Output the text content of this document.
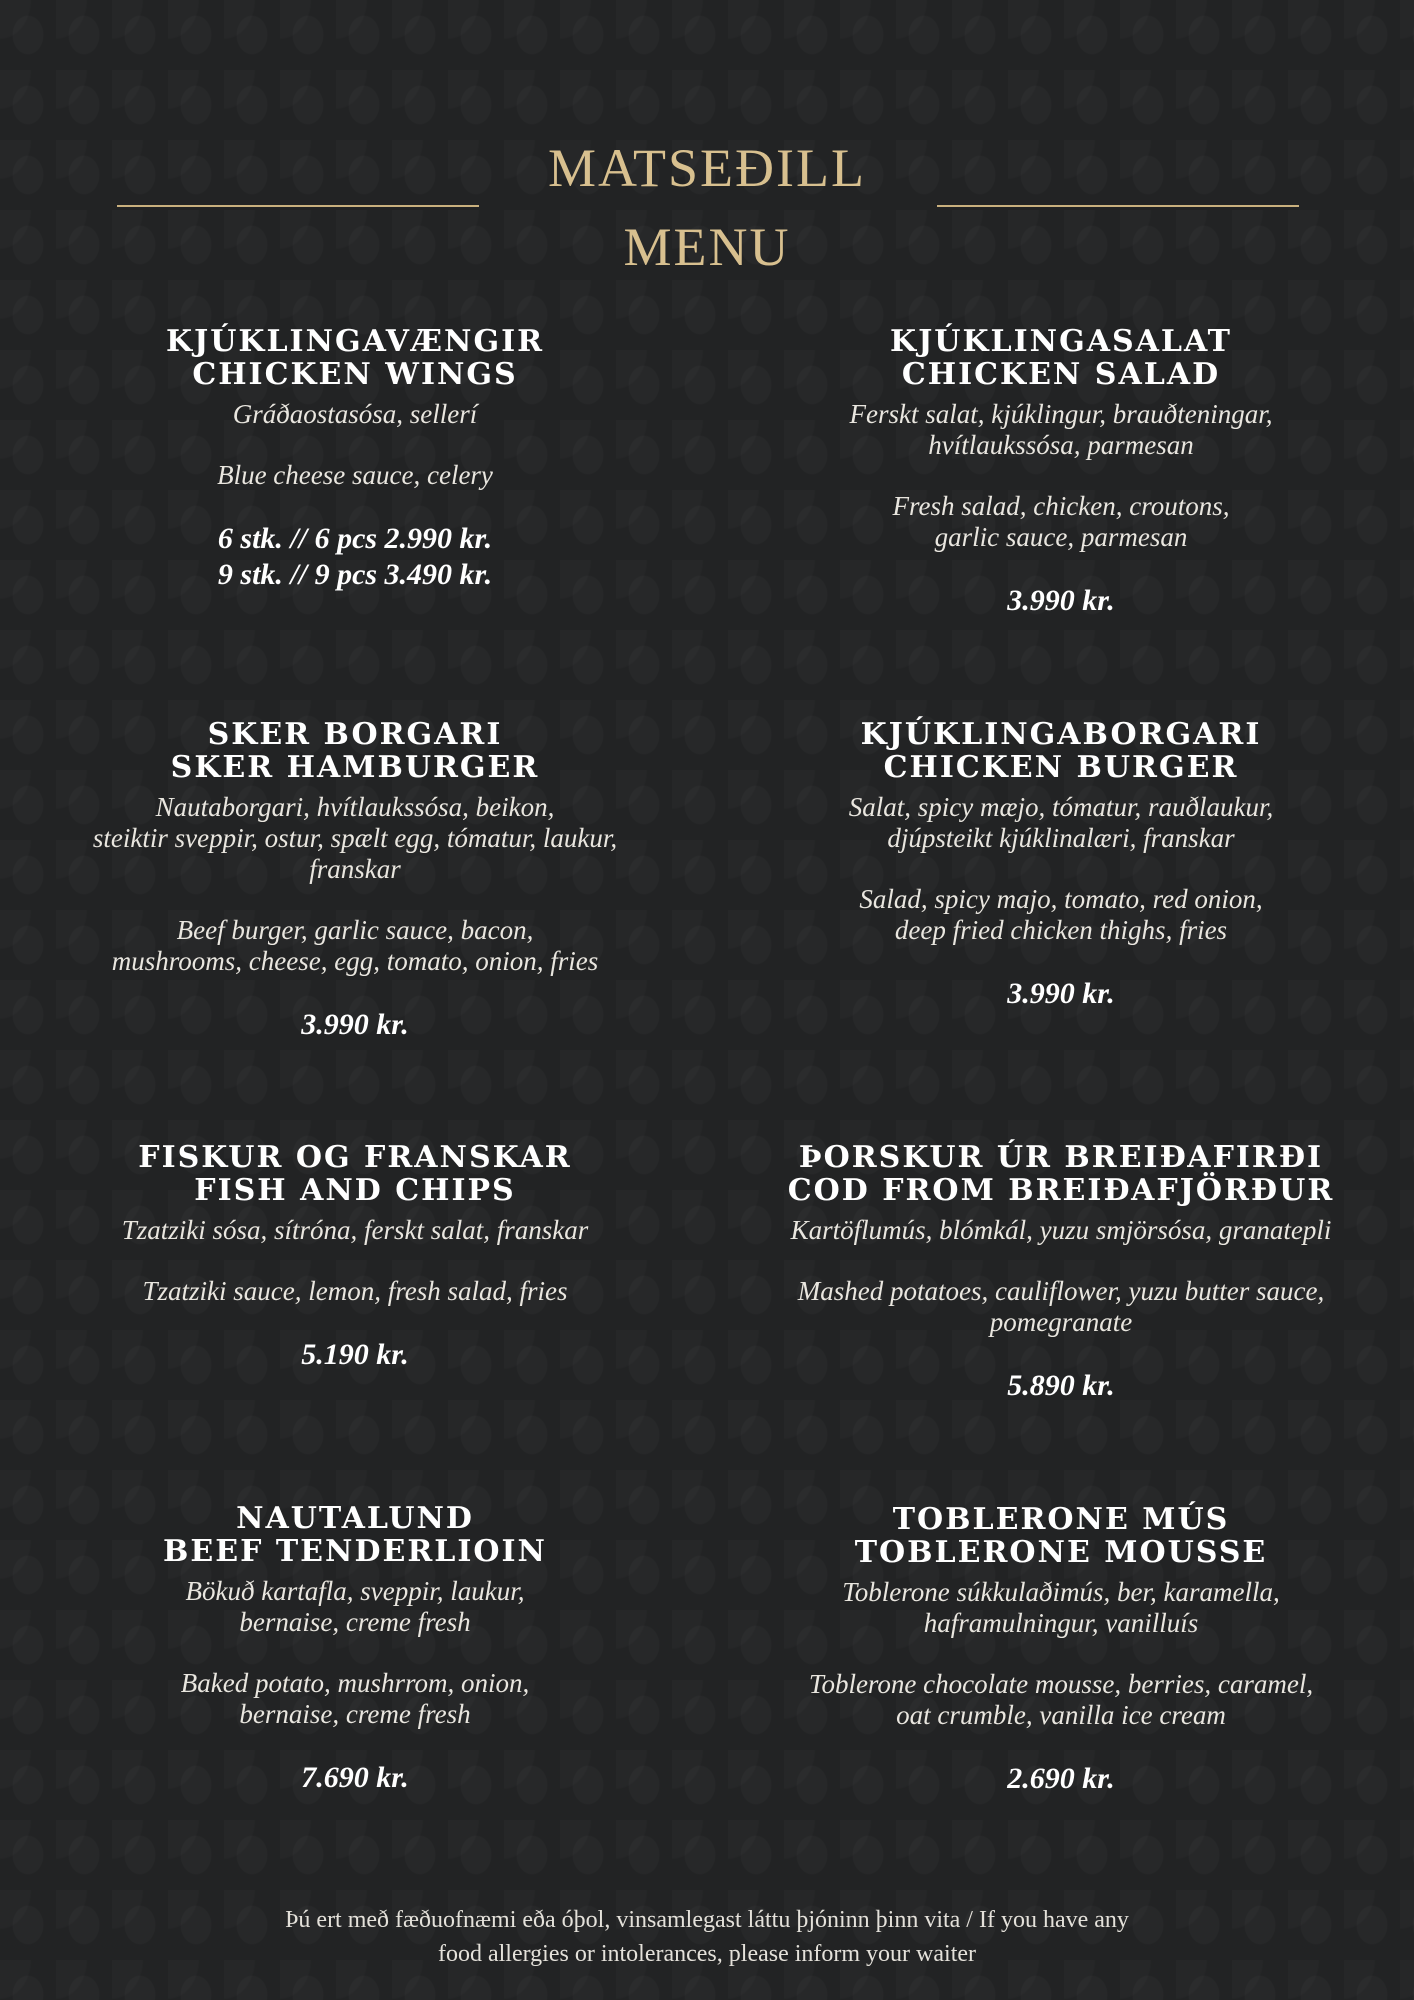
MATSEÐILL
MENU
KJÚKLINGAVÆNGIR
CHICKEN WINGS

Gráðaostasósa, sellerí

Blue cheese sauce, celery

6 stk. // 6 pcs 2.990 kr.
9 stk. // 9 pcs 3.490 kr.
KJÚKLINGASALAT
CHICKEN SALAD

Ferskt salat, kjúklingur, brauðteningar,
hvítlaukssósa, parmesan

Fresh salad, chicken, croutons,
garlic sauce, parmesan

3.990 kr.
SKER BORGARI
SKER HAMBURGER

Nautaborgari, hvítlaukssósa, beikon,
steiktir sveppir, ostur, spælt egg, tómatur, laukur,
franskar

Beef burger, garlic sauce, bacon,
mushrooms, cheese, egg, tomato, onion, fries

3.990 kr.
KJÚKLINGABORGARI
CHICKEN BURGER

Salat, spicy mæjo, tómatur, rauðlaukur,
djúpsteikt kjúklinalæri, franskar

Salad, spicy majo, tomato, red onion,
deep fried chicken thighs, fries

3.990 kr.
FISKUR OG FRANSKAR
FISH AND CHIPS

Tzatziki sósa, sítróna, ferskt salat, franskar

Tzatziki sauce, lemon, fresh salad, fries

5.190 kr.
ÞORSKUR ÚR BREIÐAFIRÐI
COD FROM BREIÐAFJÖRÐUR

Kartöflumús, blómkál, yuzu smjörsósa, granatepli

Mashed potatoes, cauliflower, yuzu butter sauce,
pomegranate

5.890 kr.
NAUTALUND
BEEF TENDERLIOIN

Bökuð kartafla, sveppir, laukur,
bernaise, creme fresh

Baked potato, mushrrom, onion,
bernaise, creme fresh

7.690 kr.
TOBLERONE MÚS
TOBLERONE MOUSSE

Toblerone súkkulaðimús, ber, karamella,
haframulningur, vanilluís

Toblerone chocolate mousse, berries, caramel,
oat crumble, vanilla ice cream

2.690 kr.
Þú ert með fæðuofnæmi eða óþol, vinsamlegast láttu þjóninn þinn vita / If you have any
food allergies or intolerances, please inform your waiter
